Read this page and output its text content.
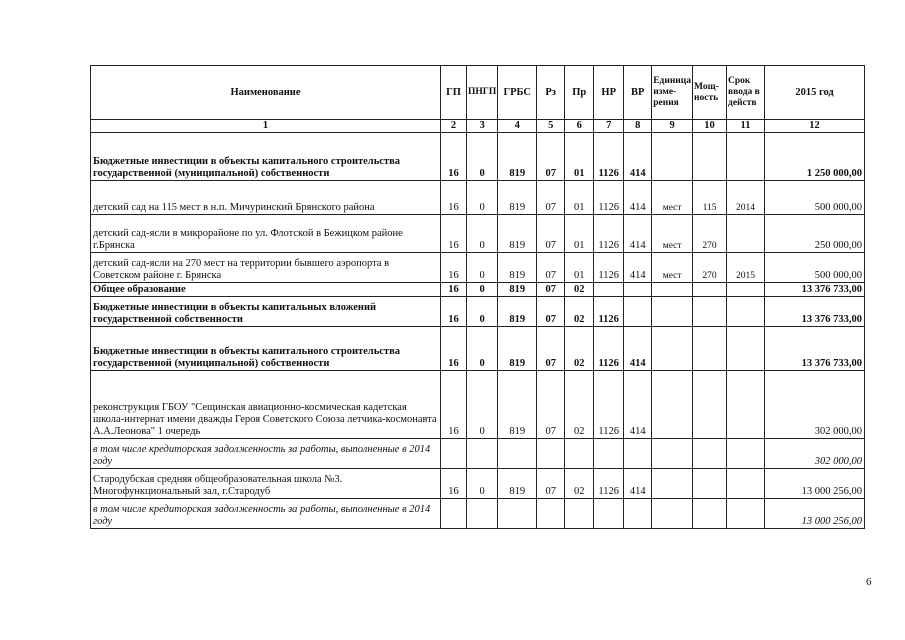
Наименование	ГП	ПНГП	ГРБС	Рз	Пр	НР	ВР	Единица изме-рения	Мощ-ность	Срок ввода в действ	2015 год
1	2	3	4	5	6	7	8	9	10	11	12
Бюджетные инвестиции в объекты капитального строительства государственной (муниципальной) собственности	16	0	819	07	01	1126	414				1 250 000,00
детский сад на 115 мест в н.п. Мичуринский Брянского района	16	0	819	07	01	1126	414	мест	115	2014	500 000,00
детский сад-ясли в микрорайоне по ул. Флотской в Бежицком районе г.Брянска	16	0	819	07	01	1126	414	мест	270		250 000,00
детский сад-ясли на 270 мест на территории бывшего аэропорта в Советском районе г. Брянска	16	0	819	07	01	1126	414	мест	270	2015	500 000,00
Общее образование	16	0	819	07	02						13 376 733,00
Бюджетные инвестиции в объекты капитальных вложений государственной собственности	16	0	819	07	02	1126					13 376 733,00
Бюджетные инвестиции в объекты капитального строительства государственной (муниципальной) собственности	16	0	819	07	02	1126	414				13 376 733,00
реконструкция ГБОУ "Сещинская авиационно-космическая кадетская школа-интернат имени дважды Героя Советского Союза летчика-космонавта А.А.Леонова" 1 очередь	16	0	819	07	02	1126	414				302 000,00
в том числе кредиторская задолженность за работы, выполненные в 2014 году											302 000,00
Стародубская средняя общеобразовательная школа №3. Многофункциональный зал, г.Стародуб	16	0	819	07	02	1126	414				13 000 256,00
в том числе кредиторская задолженность за работы, выполненные в 2014 году											13 000 256,00
6
